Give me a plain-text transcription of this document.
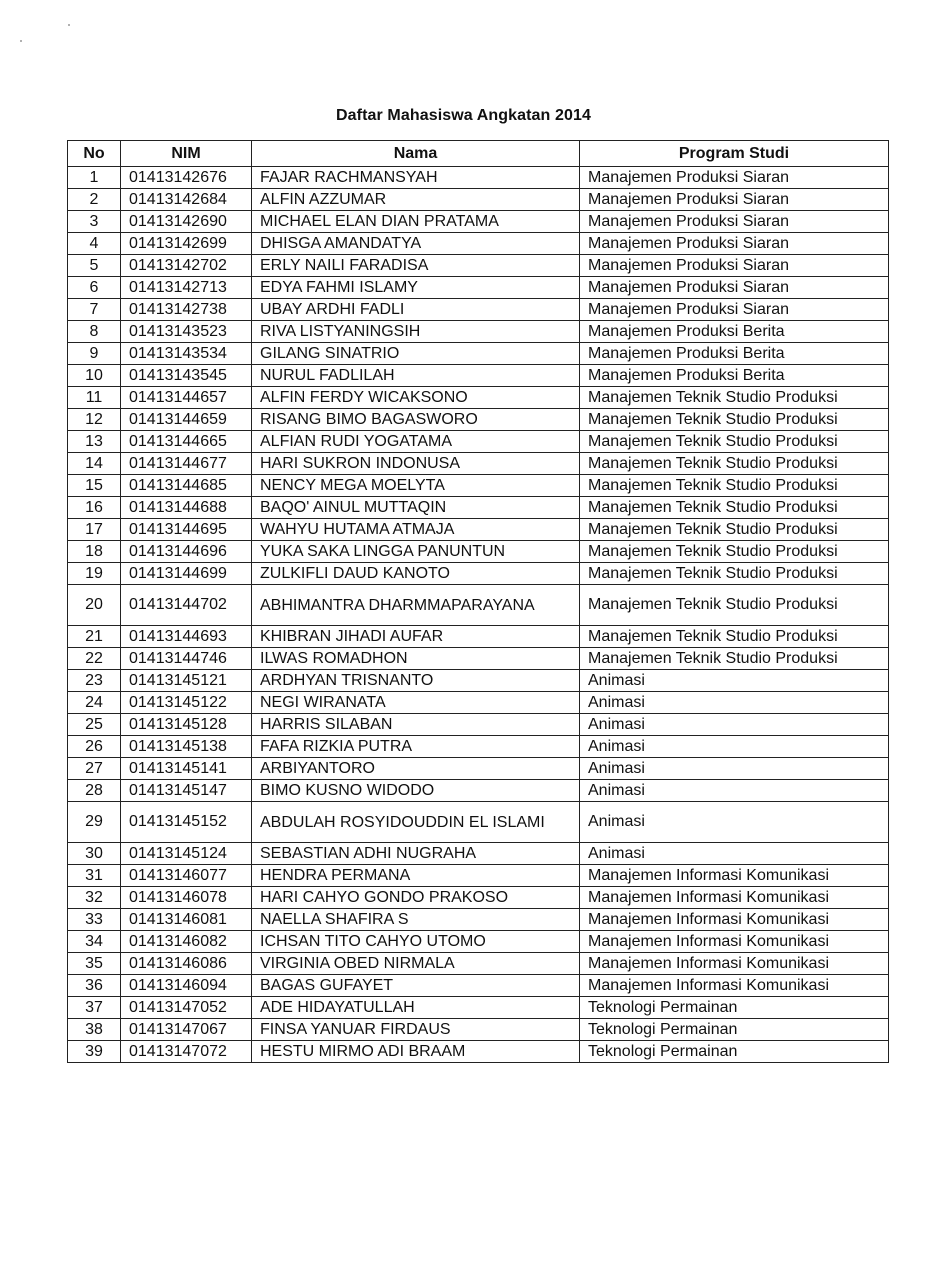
Daftar Mahasiswa Angkatan 2014
No	NIM	Nama	Program Studi
1	01413142676	FAJAR RACHMANSYAH	Manajemen Produksi Siaran
2	01413142684	ALFIN AZZUMAR	Manajemen Produksi Siaran
3	01413142690	MICHAEL ELAN DIAN PRATAMA	Manajemen Produksi Siaran
4	01413142699	DHISGA AMANDATYA	Manajemen Produksi Siaran
5	01413142702	ERLY NAILI FARADISA	Manajemen Produksi Siaran
6	01413142713	EDYA FAHMI ISLAMY	Manajemen Produksi Siaran
7	01413142738	UBAY ARDHI FADLI	Manajemen Produksi Siaran
8	01413143523	RIVA LISTYANINGSIH	Manajemen Produksi Berita
9	01413143534	GILANG SINATRIO	Manajemen Produksi Berita
10	01413143545	NURUL FADLILAH	Manajemen Produksi Berita
11	01413144657	ALFIN FERDY WICAKSONO	Manajemen Teknik Studio Produksi
12	01413144659	RISANG BIMO BAGASWORO	Manajemen Teknik Studio Produksi
13	01413144665	ALFIAN RUDI YOGATAMA	Manajemen Teknik Studio Produksi
14	01413144677	HARI SUKRON INDONUSA	Manajemen Teknik Studio Produksi
15	01413144685	NENCY MEGA MOELYTA	Manajemen Teknik Studio Produksi
16	01413144688	BAQO' AINUL MUTTAQIN	Manajemen Teknik Studio Produksi
17	01413144695	WAHYU HUTAMA ATMAJA	Manajemen Teknik Studio Produksi
18	01413144696	YUKA SAKA LINGGA PANUNTUN	Manajemen Teknik Studio Produksi
19	01413144699	ZULKIFLI DAUD KANOTO	Manajemen Teknik Studio Produksi
20	01413144702	ABHIMANTRA DHARMMAPARAYANA	Manajemen Teknik Studio Produksi
21	01413144693	KHIBRAN JIHADI AUFAR	Manajemen Teknik Studio Produksi
22	01413144746	ILWAS ROMADHON	Manajemen Teknik Studio Produksi
23	01413145121	ARDHYAN TRISNANTO	Animasi
24	01413145122	NEGI WIRANATA	Animasi
25	01413145128	HARRIS SILABAN	Animasi
26	01413145138	FAFA RIZKIA PUTRA	Animasi
27	01413145141	ARBIYANTORO	Animasi
28	01413145147	BIMO KUSNO WIDODO	Animasi
29	01413145152	ABDULAH ROSYIDOUDDIN EL ISLAMI	Animasi
30	01413145124	SEBASTIAN ADHI NUGRAHA	Animasi
31	01413146077	HENDRA PERMANA	Manajemen Informasi Komunikasi
32	01413146078	HARI CAHYO GONDO PRAKOSO	Manajemen Informasi Komunikasi
33	01413146081	NAELLA SHAFIRA S	Manajemen Informasi Komunikasi
34	01413146082	ICHSAN TITO CAHYO UTOMO	Manajemen Informasi Komunikasi
35	01413146086	VIRGINIA OBED NIRMALA	Manajemen Informasi Komunikasi
36	01413146094	BAGAS GUFAYET	Manajemen Informasi Komunikasi
37	01413147052	ADE HIDAYATULLAH	Teknologi Permainan
38	01413147067	FINSA YANUAR FIRDAUS	Teknologi Permainan
39	01413147072	HESTU MIRMO ADI BRAAM	Teknologi Permainan
